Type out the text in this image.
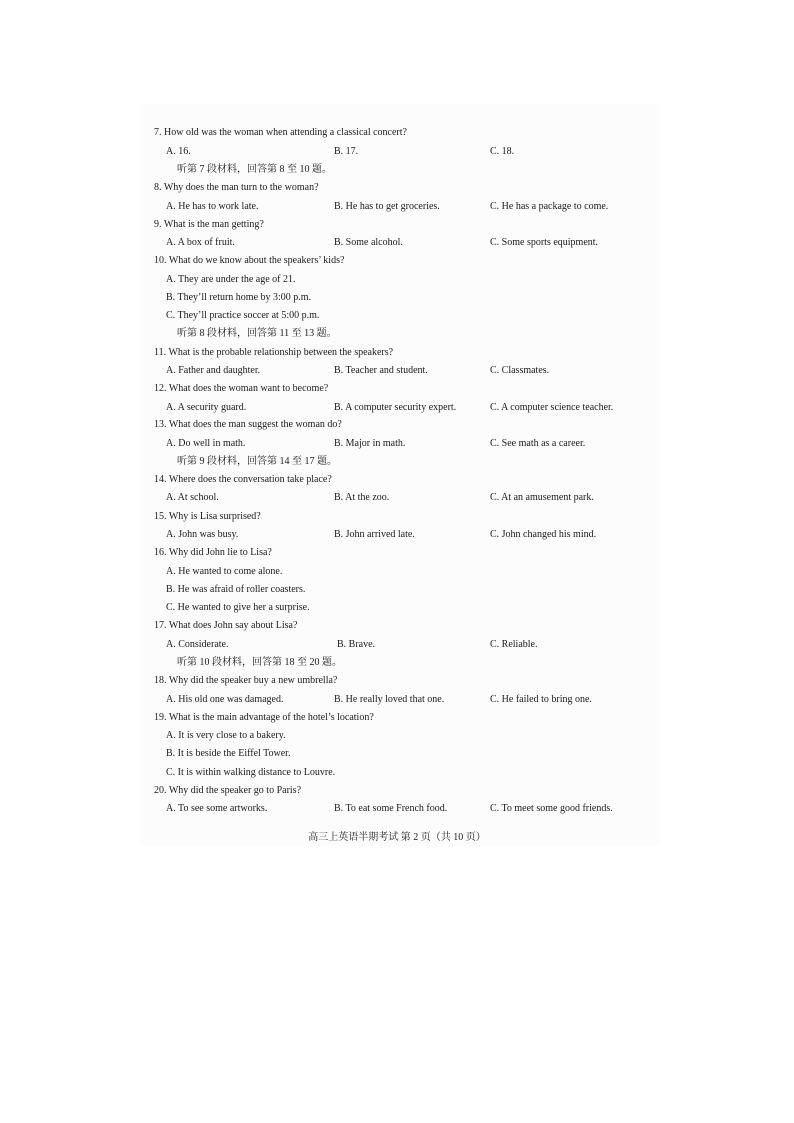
7. How old was the woman when attending a classical concert?
A. 16.	B. 17.	C. 18.
听第 7 段材料，回答第 8 至 10 题。
8. Why does the man turn to the woman?
A. He has to work late.	B. He has to get groceries.	C. He has a package to come.
9. What is the man getting?
A. A box of fruit.	B. Some alcohol.	C. Some sports equipment.
10. What do we know about the speakers’ kids?
A. They are under the age of 21.
B. They’ll return home by 3:00 p.m.
C. They’ll practice soccer at 5:00 p.m.
听第 8 段材料，回答第 11 至 13 题。
11. What is the probable relationship between the speakers?
A. Father and daughter.	B. Teacher and student.	C. Classmates.
12. What does the woman want to become?
A. A security guard.	B. A computer security expert.	C. A computer science teacher.
13. What does the man suggest the woman do?
A. Do well in math.	B. Major in math.	C. See math as a career.
听第 9 段材料，回答第 14 至 17 题。
14. Where does the conversation take place?
A. At school.	B. At the zoo.	C. At an amusement park.
15. Why is Lisa surprised?
A. John was busy.	B. John arrived late.	C. John changed his mind.
16. Why did John lie to Lisa?
A. He wanted to come alone.
B. He was afraid of roller coasters.
C. He wanted to give her a surprise.
17. What does John say about Lisa?
A. Considerate.	B. Brave.	C. Reliable.
听第 10 段材料，回答第 18 至 20 题。
18. Why did the speaker buy a new umbrella?
A. His old one was damaged.	B. He really loved that one.	C. He failed to bring one.
19. What is the main advantage of the hotel’s location?
A. It is very close to a bakery.
B. It is beside the Eiffel Tower.
C. It is within walking distance to Louvre.
20. Why did the speaker go to Paris?
A. To see some artworks.	B. To eat some French food.	C. To meet some good friends.
高三上英语半期考试 第 2 页（共 10 页）
